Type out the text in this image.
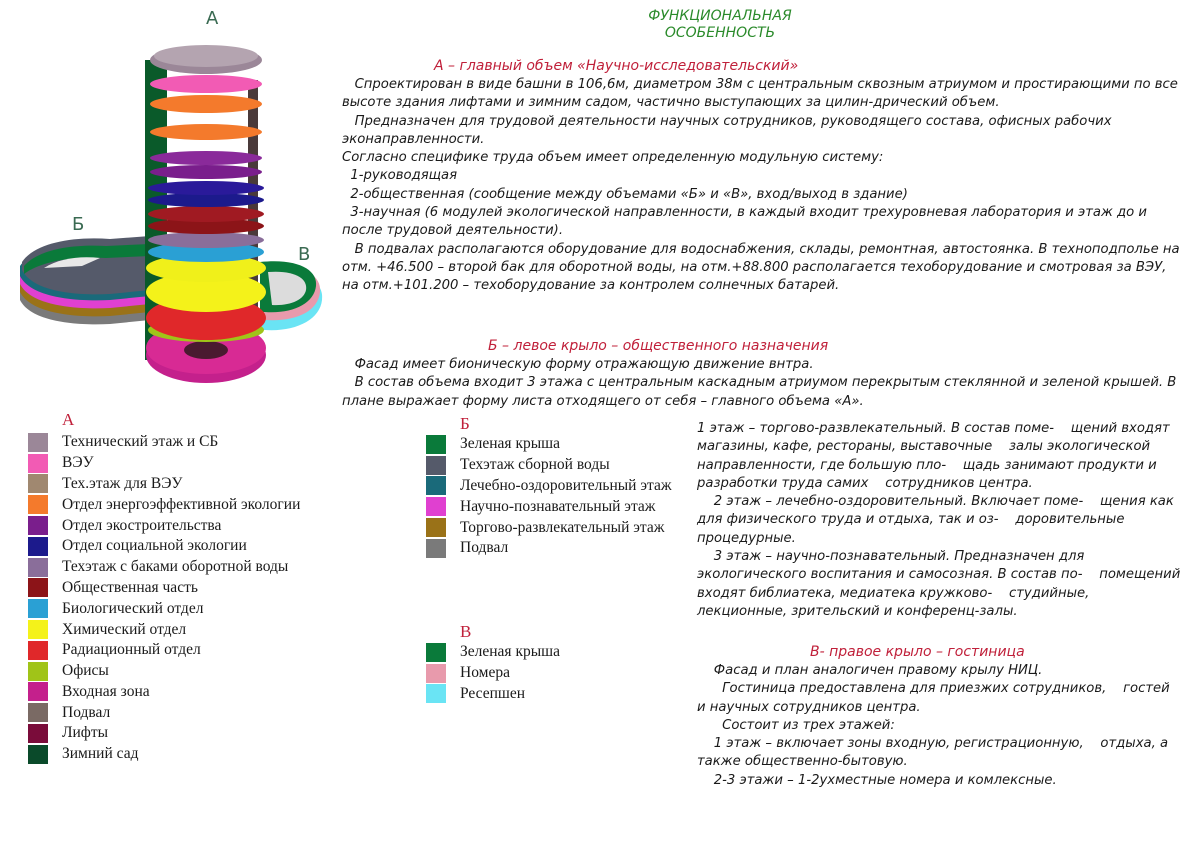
ФУНКЦИОНАЛЬНАЯ
ОСОБЕННОСТЬ
А
Б
В
А – главный объем «Научно-исследовательский»

Спроектирован в виде башни в 106,6м, диаметром 38м с центральным сквозным атриумом и простирающими по все высоте здания лифтами и зимним садом, частично выступающих за цилин-дрический объем.

Предназначен для трудовой деятельности научных сотрудников, руководящего состава, офисных рабочих эконаправленности.

Согласно специфике труда объем имеет определенную модульную систему:

1-руководящая

2-общественная (сообщение между объемами «Б» и «В», вход/выход в здание)

3-научная (6 модулей экологической направленности, в каждый входит трехуровневая лаборатория и этаж до и после трудовой деятельности).

В подвалах располагаются оборудование для водоснабжения, склады, ремонтная, автостоянка. В техноподполье на отм. +46.500 – второй бак для оборотной воды, на отм.+88.800 располагается техоборудование и смотровая за ВЭУ, на отм.+101.200 – техоборудование за контролем солнечных батарей.

Б – левое крыло – общественного назначения

Фасад имеет бионическую форму отражающую движение внтра.

В состав объема входит 3 этажа с центральным каскадным атриумом перекрытым стеклянной и зеленой крышей. В плане выражает форму листа отходящего от себя – главного объема «А».

1 этаж – торгово-развлекательный. В состав поме-    щений входят магазины, кафе, рестораны, выставочные    залы экологической направленности, где большую пло-    щадь занимают продукти и разработки труда самих    сотрудников центра.

2 этаж – лечебно-оздоровительный. Включает поме-    щения как для физического труда и отдыха, так и оз-    доровительные процедурные.

3 этаж – научно-познавательный. Предназначен для    экологического воспитания и самосозная. В состав по-    помещений входят библиатека, медиатека кружково-    студийные, лекционные, зрительский и конференц-залы.

В- правое крыло – гостиница

Фасад и план аналогичен правому крылу НИЦ.

Гостиница предоставлена для приезжих сотрудников,    гостей и научных сотрудников центра.

Состоит из трех этажей:

1 этаж – включает зоны входную, регистрационную,    отдыха, а также общественно-бытовую.

2-3 этажи – 1-2ухместные номера и комлексные.

А
Технический этаж и СБ
ВЭУ
Тех.этаж для ВЭУ
Отдел энергоэффективной экологии
Отдел экостроительства
Отдел социальной экологии
Техэтаж с баками оборотной воды
Общественная часть
Биологический отдел
Химический отдел
Радиационный отдел
Офисы
Входная зона
Подвал
Лифты
Зимний сад
Б
Зеленая крыша
Техэтаж сборной воды
Лечебно-оздоровительный этаж
Научно-познавательный этаж
Торгово-развлекательный этаж
Подвал
В
Зеленая крыша
Номера
Ресепшен
